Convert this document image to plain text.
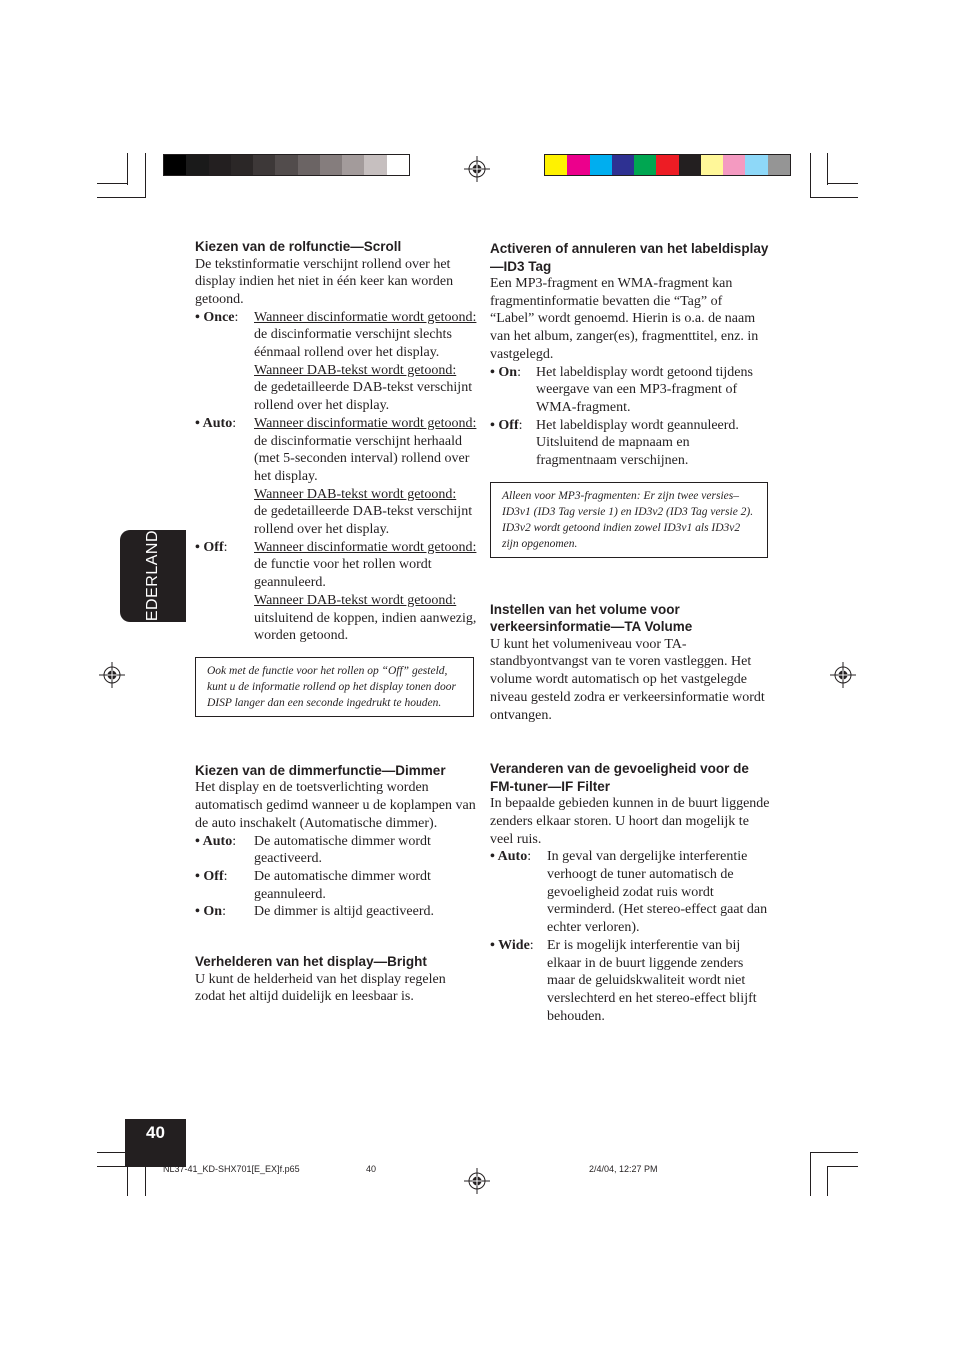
NEDERLANDS
Kiezen van de rolfunctie—Scroll

De tekstinformatie verschijnt rollend over het display indien het niet in één keer kan worden getoond.

• Once: Wanneer discinformatie wordt getoond: de discinformatie verschijnt slechts éénmaal rollend over het display.
Wanneer DAB-tekst wordt getoond:
de gedetailleerde DAB-tekst verschijnt rollend over het display.
• Auto: Wanneer discinformatie wordt getoond: de discinformatie verschijnt herhaald (met 5-seconden interval) rollend over het display.
Wanneer DAB-tekst wordt getoond:
de gedetailleerde DAB-tekst verschijnt rollend over het display.
• Off: Wanneer discinformatie wordt getoond: de functie voor het rollen wordt geannuleerd.
Wanneer DAB-tekst wordt getoond:
uitsluitend de koppen, indien aanwezig, worden getoond.
Ook met de functie voor het rollen op “Off” gesteld, kunt u de informatie rollend op het display tonen door DISP langer dan een seconde ingedrukt te houden.
Kiezen van de dimmerfunctie—Dimmer

Het display en de toetsverlichting worden automatisch gedimd wanneer u de koplampen van de auto inschakelt (Automatische dimmer).

• Auto: De automatische dimmer wordt geactiveerd.
• Off: De automatische dimmer wordt geannuleerd.
• On: De dimmer is altijd geactiveerd.
Verhelderen van het display—Bright

U kunt de helderheid van het display regelen zodat het altijd duidelijk en leesbaar is.

Activeren of annuleren van het labeldisplay—ID3 Tag

Een MP3-fragment en WMA-fragment kan fragmentinformatie bevatten die “Tag” of “Label” wordt genoemd. Hierin is o.a. de naam van het album, zanger(es), fragmenttitel, enz. in vastgelegd.

• On: Het labeldisplay wordt getoond tijdens weergave van een MP3-fragment of WMA-fragment.
• Off: Het labeldisplay wordt geannuleerd. Uitsluitend de mapnaam en fragmentnaam verschijnen.
Alleen voor MP3-fragmenten: Er zijn twee versies–ID3v1 (ID3 Tag versie 1) en ID3v2 (ID3 Tag versie 2). ID3v2 wordt getoond indien zowel ID3v1 als ID3v2 zijn opgenomen.
Instellen van het volume voor verkeersinformatie—TA Volume

U kunt het volumeniveau voor TA-standbyontvangst van te voren vastleggen. Het volume wordt automatisch op het vastgelegde niveau gesteld zodra er verkeersinformatie wordt ontvangen.

Veranderen van de gevoeligheid voor de FM-tuner—IF Filter

In bepaalde gebieden kunnen in de buurt liggende zenders elkaar storen. U hoort dan mogelijk te veel ruis.

• Auto: In geval van dergelijke interferentie verhoogt de tuner automatisch de gevoeligheid zodat ruis wordt verminderd. (Het stereo-effect gaat dan echter verloren).
• Wide: Er is mogelijk interferentie van bij elkaar in de buurt liggende zenders maar de geluidskwaliteit wordt niet verslechterd en het stereo-effect blijft behouden.
40
NL37-41_KD-SHX701[E_EX]f.p65	40	2/4/04, 12:27 PM
